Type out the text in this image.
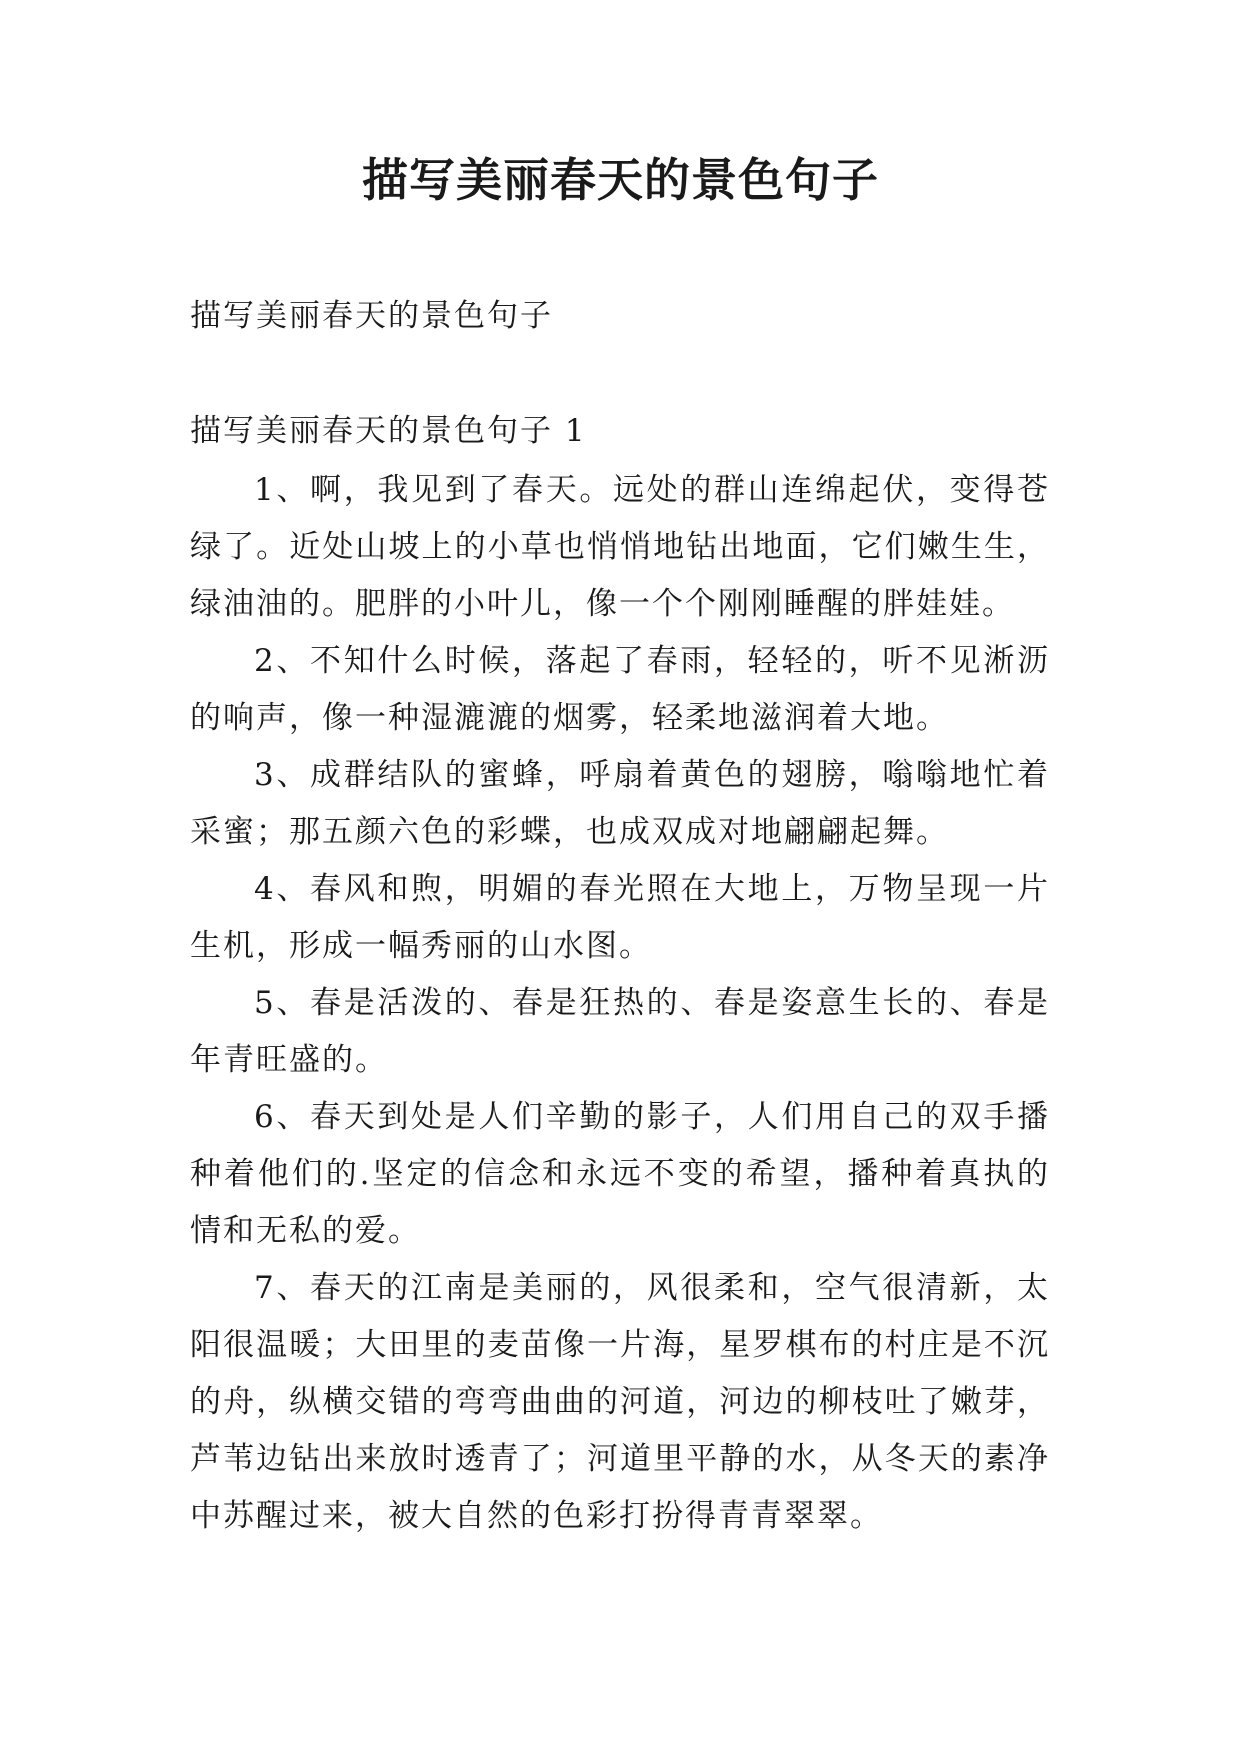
描写美丽春天的景色句子

描写美丽春天的景色句子

描写美丽春天的景色句子 1

1、啊，我见到了春天。远处的群山连绵起伏，变得苍绿了。近处山坡上的小草也悄悄地钻出地面，它们嫩生生，绿油油的。肥胖的小叶儿，像一个个刚刚睡醒的胖娃娃。

2、不知什么时候，落起了春雨，轻轻的，听不见淅沥的响声，像一种湿漉漉的烟雾，轻柔地滋润着大地。

3、成群结队的蜜蜂，呼扇着黄色的翅膀，嗡嗡地忙着采蜜；那五颜六色的彩蝶，也成双成对地翩翩起舞。

4、春风和煦，明媚的春光照在大地上，万物呈现一片生机，形成一幅秀丽的山水图。

5、春是活泼的、春是狂热的、春是姿意生长的、春是年青旺盛的。

6、春天到处是人们辛勤的影子，人们用自己的双手播种着他们的.坚定的信念和永远不变的希望，播种着真执的情和无私的爱。

7、春天的江南是美丽的，风很柔和，空气很清新，太阳很温暖；大田里的麦苗像一片海，星罗棋布的村庄是不沉的舟，纵横交错的弯弯曲曲的河道，河边的柳枝吐了嫩芽，芦苇边钻出来放时透青了；河道里平静的水，从冬天的素净中苏醒过来，被大自然的色彩打扮得青青翠翠。
